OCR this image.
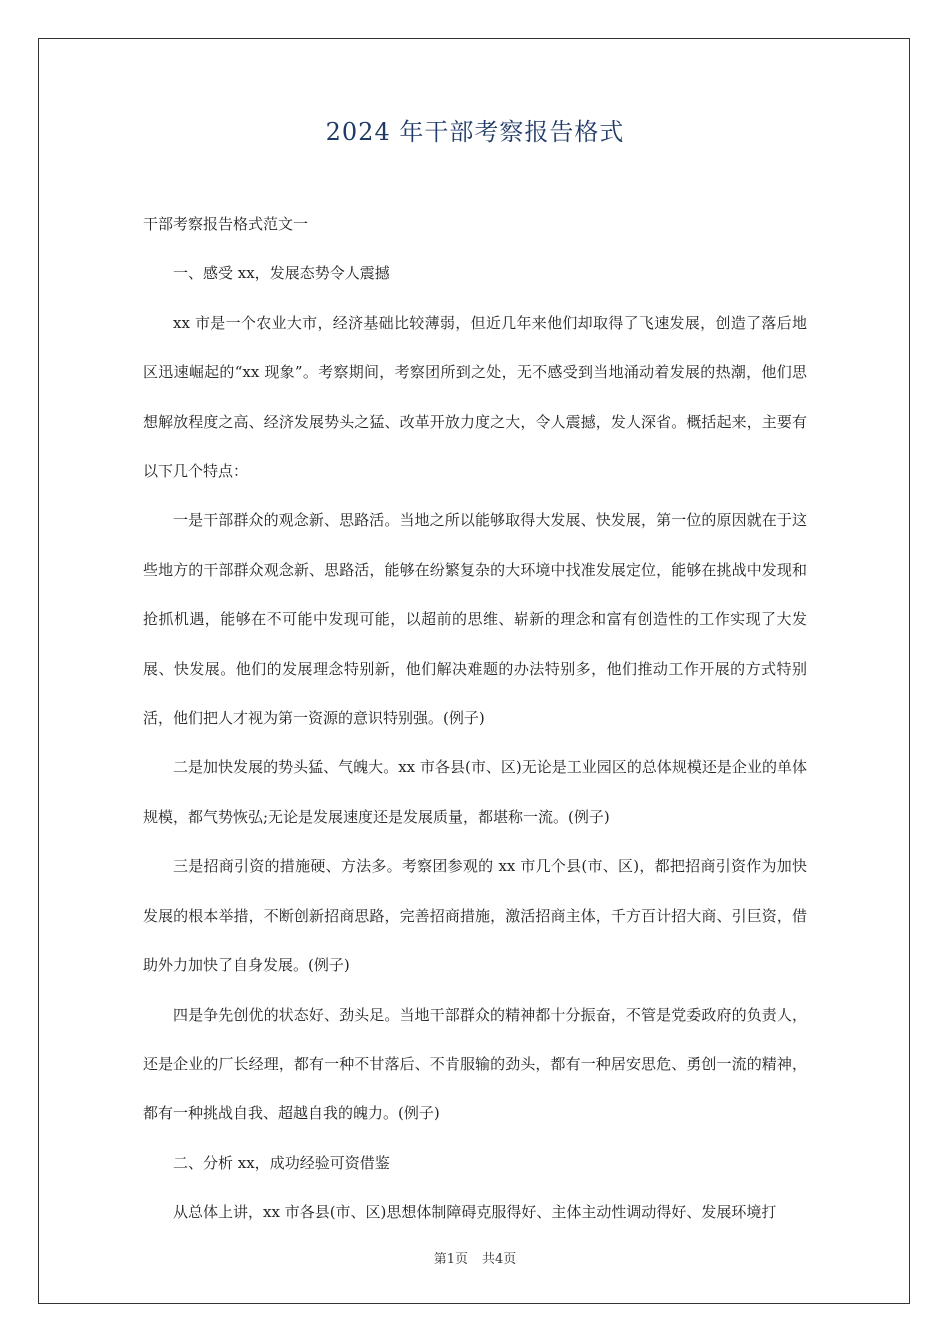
2024 年干部考察报告格式

干部考察报告格式范文一

一、感受 xx，发展态势令人震撼

xx 市是一个农业大市，经济基础比较薄弱，但近几年来他们却取得了飞速发展，创造了落后地区迅速崛起的“xx 现象”。考察期间，考察团所到之处，无不感受到当地涌动着发展的热潮，他们思想解放程度之高、经济发展势头之猛、改革开放力度之大，令人震撼，发人深省。概括起来，主要有以下几个特点：

一是干部群众的观念新、思路活。当地之所以能够取得大发展、快发展，第一位的原因就在于这些地方的干部群众观念新、思路活，能够在纷繁复杂的大环境中找准发展定位，能够在挑战中发现和抢抓机遇，能够在不可能中发现可能，以超前的思维、崭新的理念和富有创造性的工作实现了大发展、快发展。他们的发展理念特别新，他们解决难题的办法特别多，他们推动工作开展的方式特别活，他们把人才视为第一资源的意识特别强。(例子)

二是加快发展的势头猛、气魄大。xx 市各县(市、区)无论是工业园区的总体规模还是企业的单体规模，都气势恢弘;无论是发展速度还是发展质量，都堪称一流。(例子)

三是招商引资的措施硬、方法多。考察团参观的 xx 市几个县(市、区)，都把招商引资作为加快发展的根本举措，不断创新招商思路，完善招商措施，激活招商主体，千方百计招大商、引巨资，借助外力加快了自身发展。(例子)

四是争先创优的状态好、劲头足。当地干部群众的精神都十分振奋，不管是党委政府的负责人，还是企业的厂长经理，都有一种不甘落后、不肯服输的劲头，都有一种居安思危、勇创一流的精神，都有一种挑战自我、超越自我的魄力。(例子)

二、分析 xx，成功经验可资借鉴

从总体上讲，xx 市各县(市、区)思想体制障碍克服得好、主体主动性调动得好、发展环境打

第1页 共4页
